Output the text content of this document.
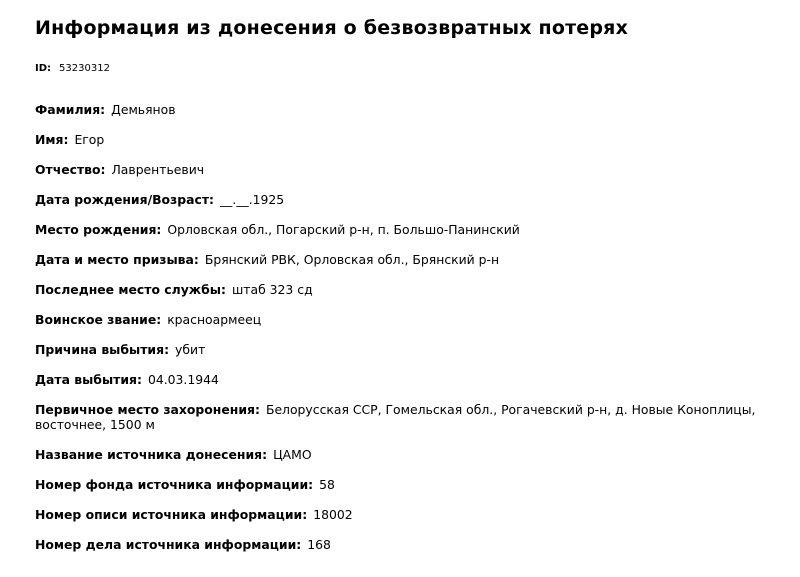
Информация из донесения о безвозвратных потерях
ID: 53230312
Фамилия : Демьянов
Имя : Егор
Отчество : Лаврентьевич
Дата рождения/Возраст : __.__.1925
Место рождения : Орловская обл., Погарский р-н, п. Большо-Панинский
Дата и место призыва : Брянский РВК, Орловская обл., Брянский р-н
Последнее место службы : штаб 323 сд
Воинское звание : красноармеец
Причина выбытия : убит
Дата выбытия : 04.03.1944
Первичное место захоронения : Белорусская ССР, Гомельская обл., Рогачевский р-н, д. Новые Коноплицы, восточнее, 1500 м
Название источника донесения : ЦАМО
Номер фонда источника информации : 58
Номер описи источника информации : 18002
Номер дела источника информации : 168
